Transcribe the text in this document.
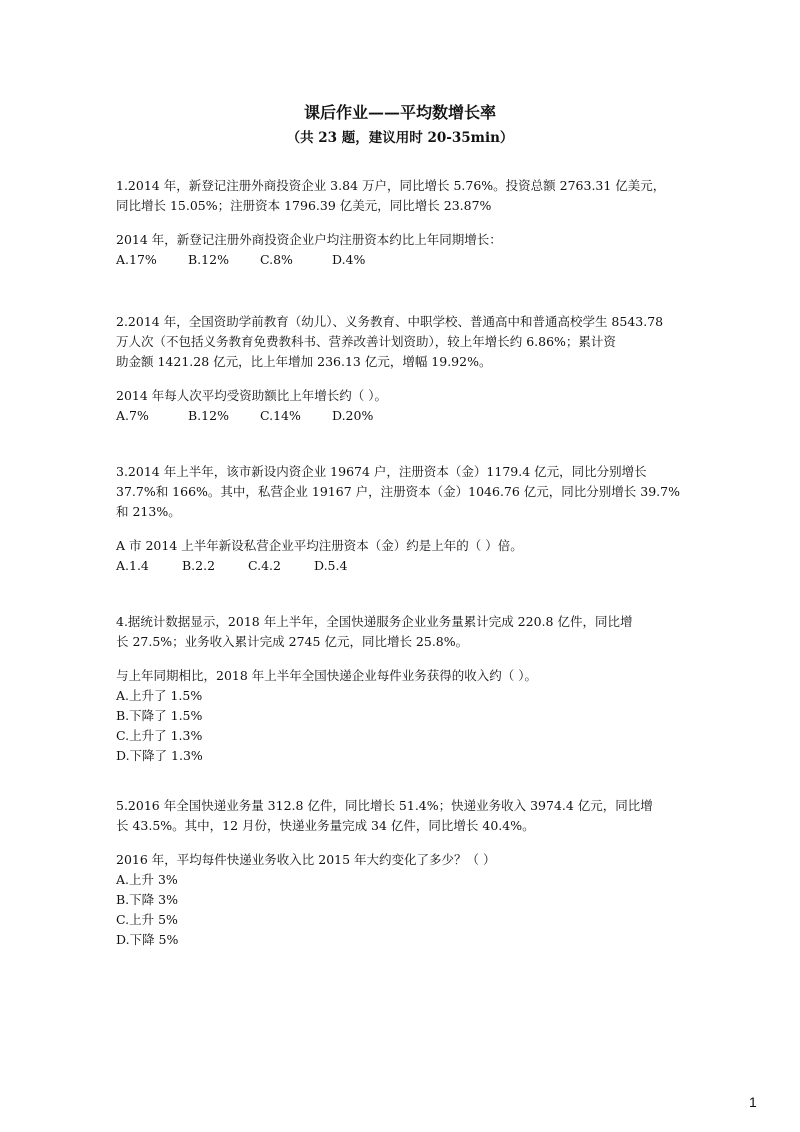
课后作业——平均数增长率
（共 23 题，建议用时 20-35min）

1.2014 年，新登记注册外商投资企业 3.84 万户，同比增长 5.76%。投资总额 2763.31 亿美元，

同比增长 15.05%；注册资本 1796.39 亿美元，同比增长 23.87%

2014 年，新登记注册外商投资企业户均注册资本约比上年同期增长：

A.17%	B.12%	C.8%	D.4%

2.2014 年，全国资助学前教育（幼儿）、义务教育、中职学校、普通高中和普通高校学生 8543.78

万人次（不包括义务教育免费教科书、营养改善计划资助），较上年增长约 6.86%；累计资

助金额 1421.28 亿元，比上年增加 236.13 亿元，增幅 19.92%。

2014 年每人次平均受资助额比上年增长约（ ）。

A.7%	B.12%	C.14%	D.20%

3.2014 年上半年，该市新设内资企业 19674 户，注册资本（金）1179.4 亿元，同比分别增长

37.7%和 166%。其中，私营企业 19167 户，注册资本（金）1046.76 亿元，同比分别增长 39.7%

和 213%。

A 市 2014 上半年新设私营企业平均注册资本（金）约是上年的（ ）倍。

A.1.4	B.2.2	C.4.2	D.5.4

4.据统计数据显示，2018 年上半年，全国快递服务企业业务量累计完成 220.8 亿件，同比增

长 27.5%；业务收入累计完成 2745 亿元，同比增长 25.8%。

与上年同期相比，2018 年上半年全国快递企业每件业务获得的收入约（ ）。

A.上升了 1.5%
B.下降了 1.5%
C.上升了 1.3%
D.下降了 1.3%

5.2016 年全国快递业务量 312.8 亿件，同比增长 51.4%；快递业务收入 3974.4 亿元，同比增

长 43.5%。其中，12 月份，快递业务量完成 34 亿件，同比增长 40.4%。

2016 年，平均每件快递业务收入比 2015 年大约变化了多少？（ ）

A.上升 3%
B.下降 3%
C.上升 5%
D.下降 5%
1
